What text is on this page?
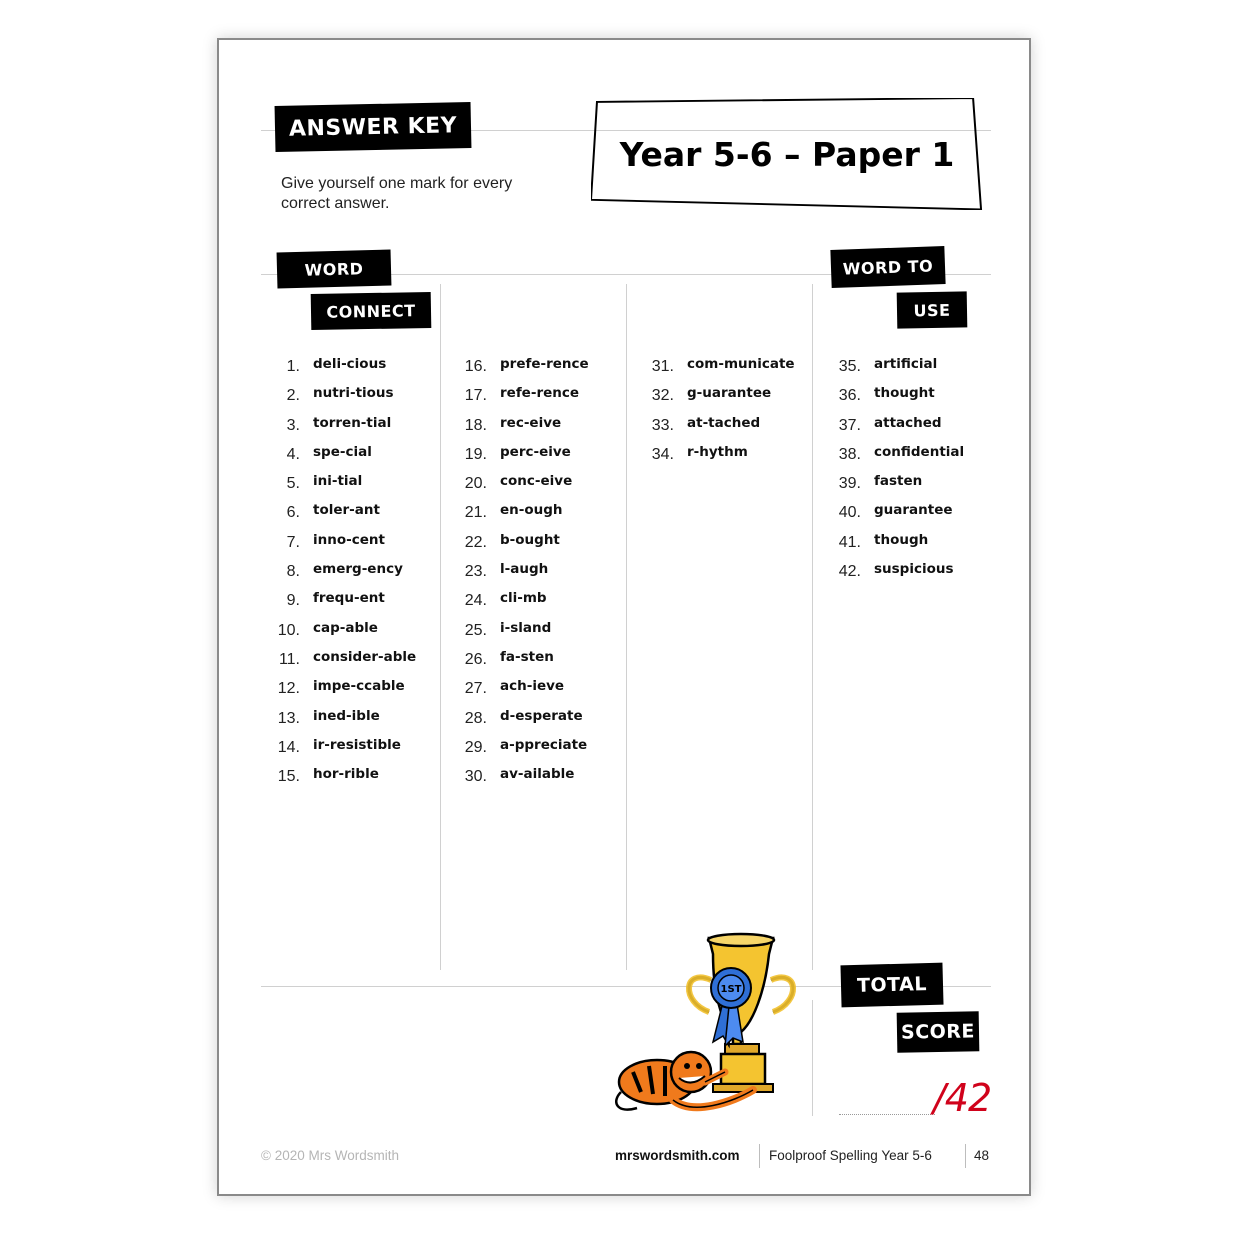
ANSWER KEY
Give yourself one mark for every correct answer.
Year 5-6 – Paper 1
WORD
CONNECT
WORD TO
USE
1. deli-cious
2. nutri-tious
3. torren-tial
4. spe-cial
5. ini-tial
6. toler-ant
7. inno-cent
8. emerg-ency
9. frequ-ent
10. cap-able
11. consider-able
12. impe-ccable
13. ined-ible
14. ir-resistible
15. hor-rible
16. prefe-rence
17. refe-rence
18. rec-eive
19. perc-eive
20. conc-eive
21. en-ough
22. b-ought
23. l-augh
24. cli-mb
25. i-sland
26. fa-sten
27. ach-ieve
28. d-esperate
29. a-ppreciate
30. av-ailable
31. com-municate
32. g-uarantee
33. at-tached
34. r-hythm
35. artificial
36. thought
37. attached
38. confidential
39. fasten
40. guarantee
41. though
42. suspicious
1ST	TOTAL
SCORE
/42
© 2020 Mrs Wordsmith	mrswordsmith.com Foolproof Spelling Year 5-6	48
